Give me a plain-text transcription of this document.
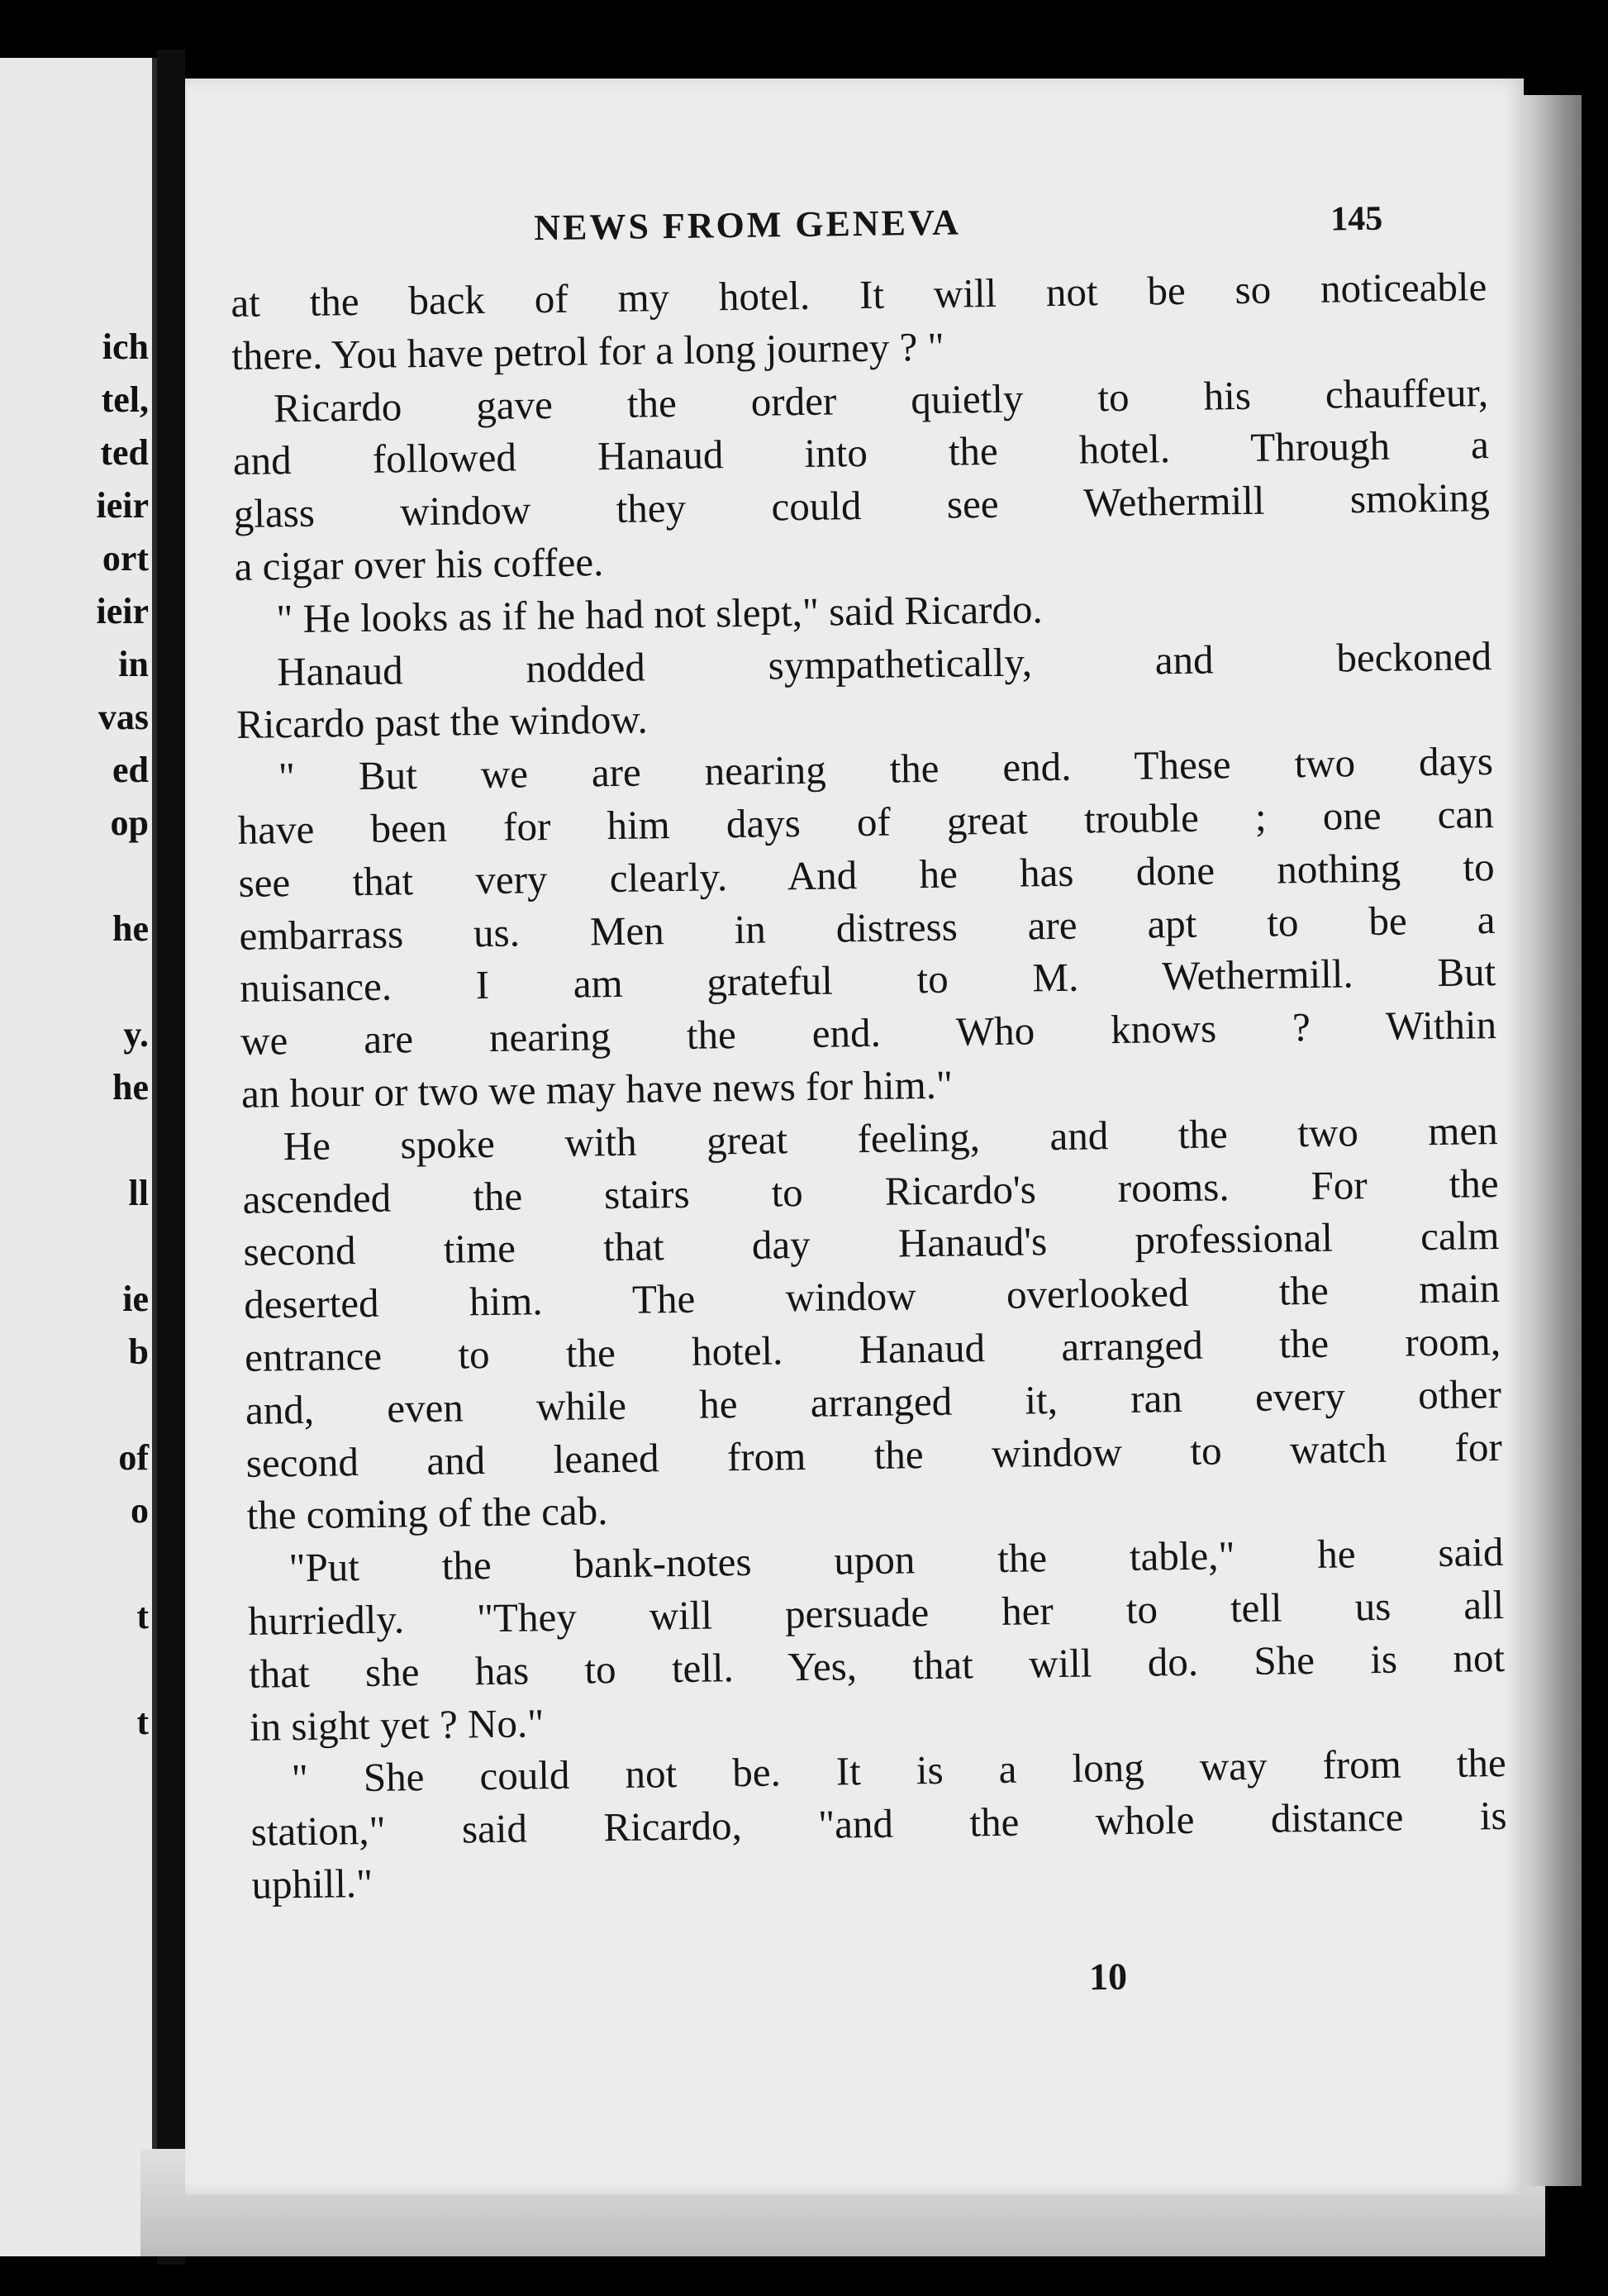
ich
tel,
ted
ieir
ort
ieir
in
vas
ed
op
he
y.
he
ll
ie
b
of
o
t
t
NEWS FROM GENEVA	145

at the back of my hotel. It will not be so noticeable
there. You have petrol for a long journey ? "

Ricardo gave the order quietly to his chauffeur,
and followed Hanaud into the hotel. Through a
glass window they could see Wethermill smoking
a cigar over his coffee.

" He looks as if he had not slept," said Ricardo.

Hanaud nodded sympathetically, and beckoned
Ricardo past the window.

" But we are nearing the end. These two days
have been for him days of great trouble ; one can
see that very clearly. And he has done nothing to
embarrass us. Men in distress are apt to be a
nuisance. I am grateful to M. Wethermill. But
we are nearing the end. Who knows ? Within
an hour or two we may have news for him."

He spoke with great feeling, and the two men
ascended the stairs to Ricardo's rooms. For the
second time that day Hanaud's professional calm
deserted him. The window overlooked the main
entrance to the hotel. Hanaud arranged the room,
and, even while he arranged it, ran every other
second and leaned from the window to watch for
the coming of the cab.

"Put the bank-notes upon the table," he said
hurriedly. "They will persuade her to tell us all
that she has to tell. Yes, that will do. She is not
in sight yet ? No."

" She could not be. It is a long way from the
station," said Ricardo, "and the whole distance is
uphill."

10
